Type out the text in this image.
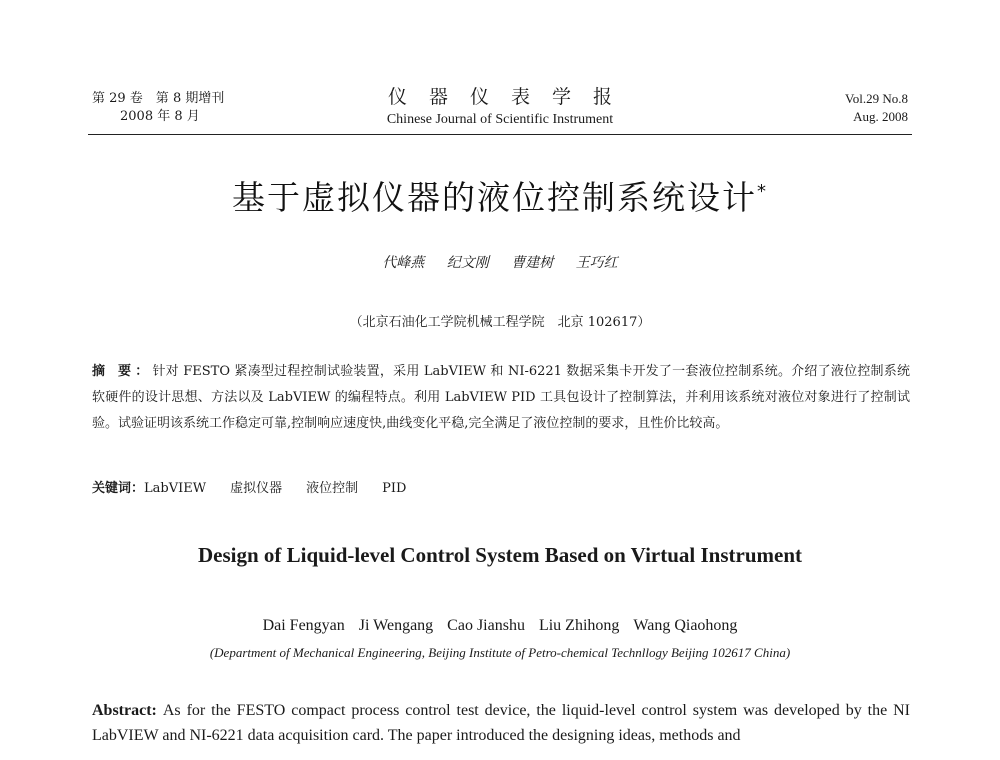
第 29 卷　第 8 期增刊
2008 年 8 月
仪器仪表学报
Chinese Journal of Scientific Instrument
Vol.29 No.8
Aug. 2008
基于虚拟仪器的液位控制系统设计*
代峰燕 纪文刚 曹建树 王巧红
（北京石油化工学院机械工程学院　北京 102617）
摘 要：针对 FESTO 紧凑型过程控制试验装置，采用 LabVIEW 和 NI-6221 数据采集卡开发了一套液位控制系统。介绍了液位控制系统软硬件的设计思想、方法以及 LabVIEW 的编程特点。利用 LabVIEW PID 工具包设计了控制算法，并利用该系统对液位对象进行了控制试验。试验证明该系统工作稳定可靠,控制响应速度快,曲线变化平稳,完全满足了液位控制的要求，且性价比较高。
关键词：LabVIEW 虚拟仪器 液位控制 PID
Design of Liquid-level Control System Based on Virtual Instrument
Dai Fengyan Ji Wengang Cao Jianshu Liu Zhihong Wang Qiaohong
(Department of Mechanical Engineering, Beijing Institute of Petro-chemical Technllogy Beijing 102617 China)
Abstract: As for the FESTO compact process control test device, the liquid-level control system was developed by the NI LabVIEW and NI-6221 data acquisition card. The paper introduced the designing ideas, methods and
